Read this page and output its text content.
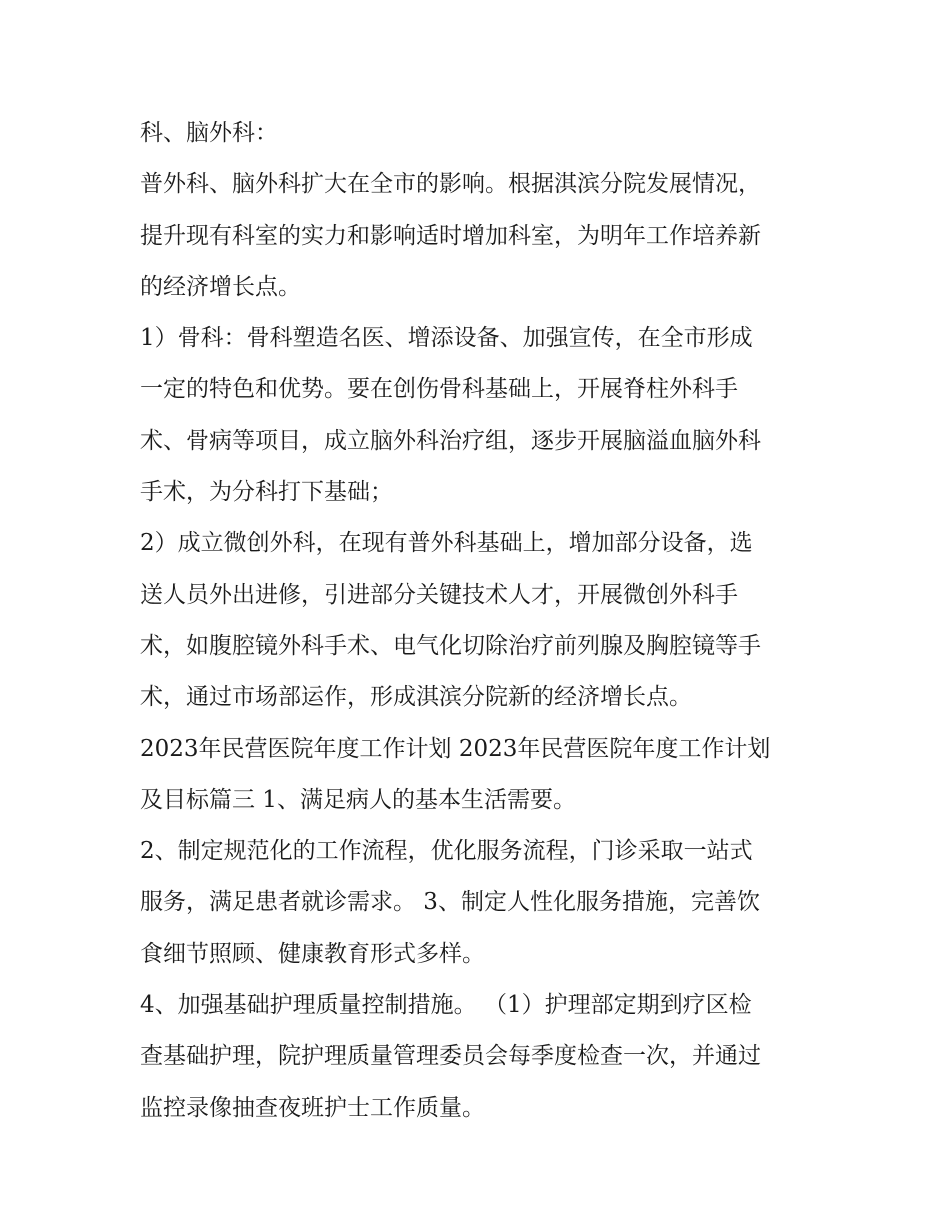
科、脑外科：
普外科、脑外科扩大在全市的影响。根据淇滨分院发展情况，
提升现有科室的实力和影响适时增加科室，为明年工作培养新
的经济增长点。
1）骨科：骨科塑造名医、增添设备、加强宣传，在全市形成
一定的特色和优势。要在创伤骨科基础上，开展脊柱外科手
术、骨病等项目，成立脑外科治疗组，逐步开展脑溢血脑外科
手术，为分科打下基础；
2）成立微创外科，在现有普外科基础上，增加部分设备，选
送人员外出进修，引进部分关键技术人才，开展微创外科手
术，如腹腔镜外科手术、电气化切除治疗前列腺及胸腔镜等手
术，通过市场部运作，形成淇滨分院新的经济增长点。
2023年民营医院年度工作计划 2023年民营医院年度工作计划
及目标篇三 1、满足病人的基本生活需要。
2、制定规范化的工作流程，优化服务流程，门诊采取一站式
服务，满足患者就诊需求。 3、制定人性化服务措施，完善饮
食细节照顾、健康教育形式多样。
4、加强基础护理质量控制措施。 （1）护理部定期到疗区检
查基础护理，院护理质量管理委员会每季度检查一次，并通过
监控录像抽查夜班护士工作质量。
